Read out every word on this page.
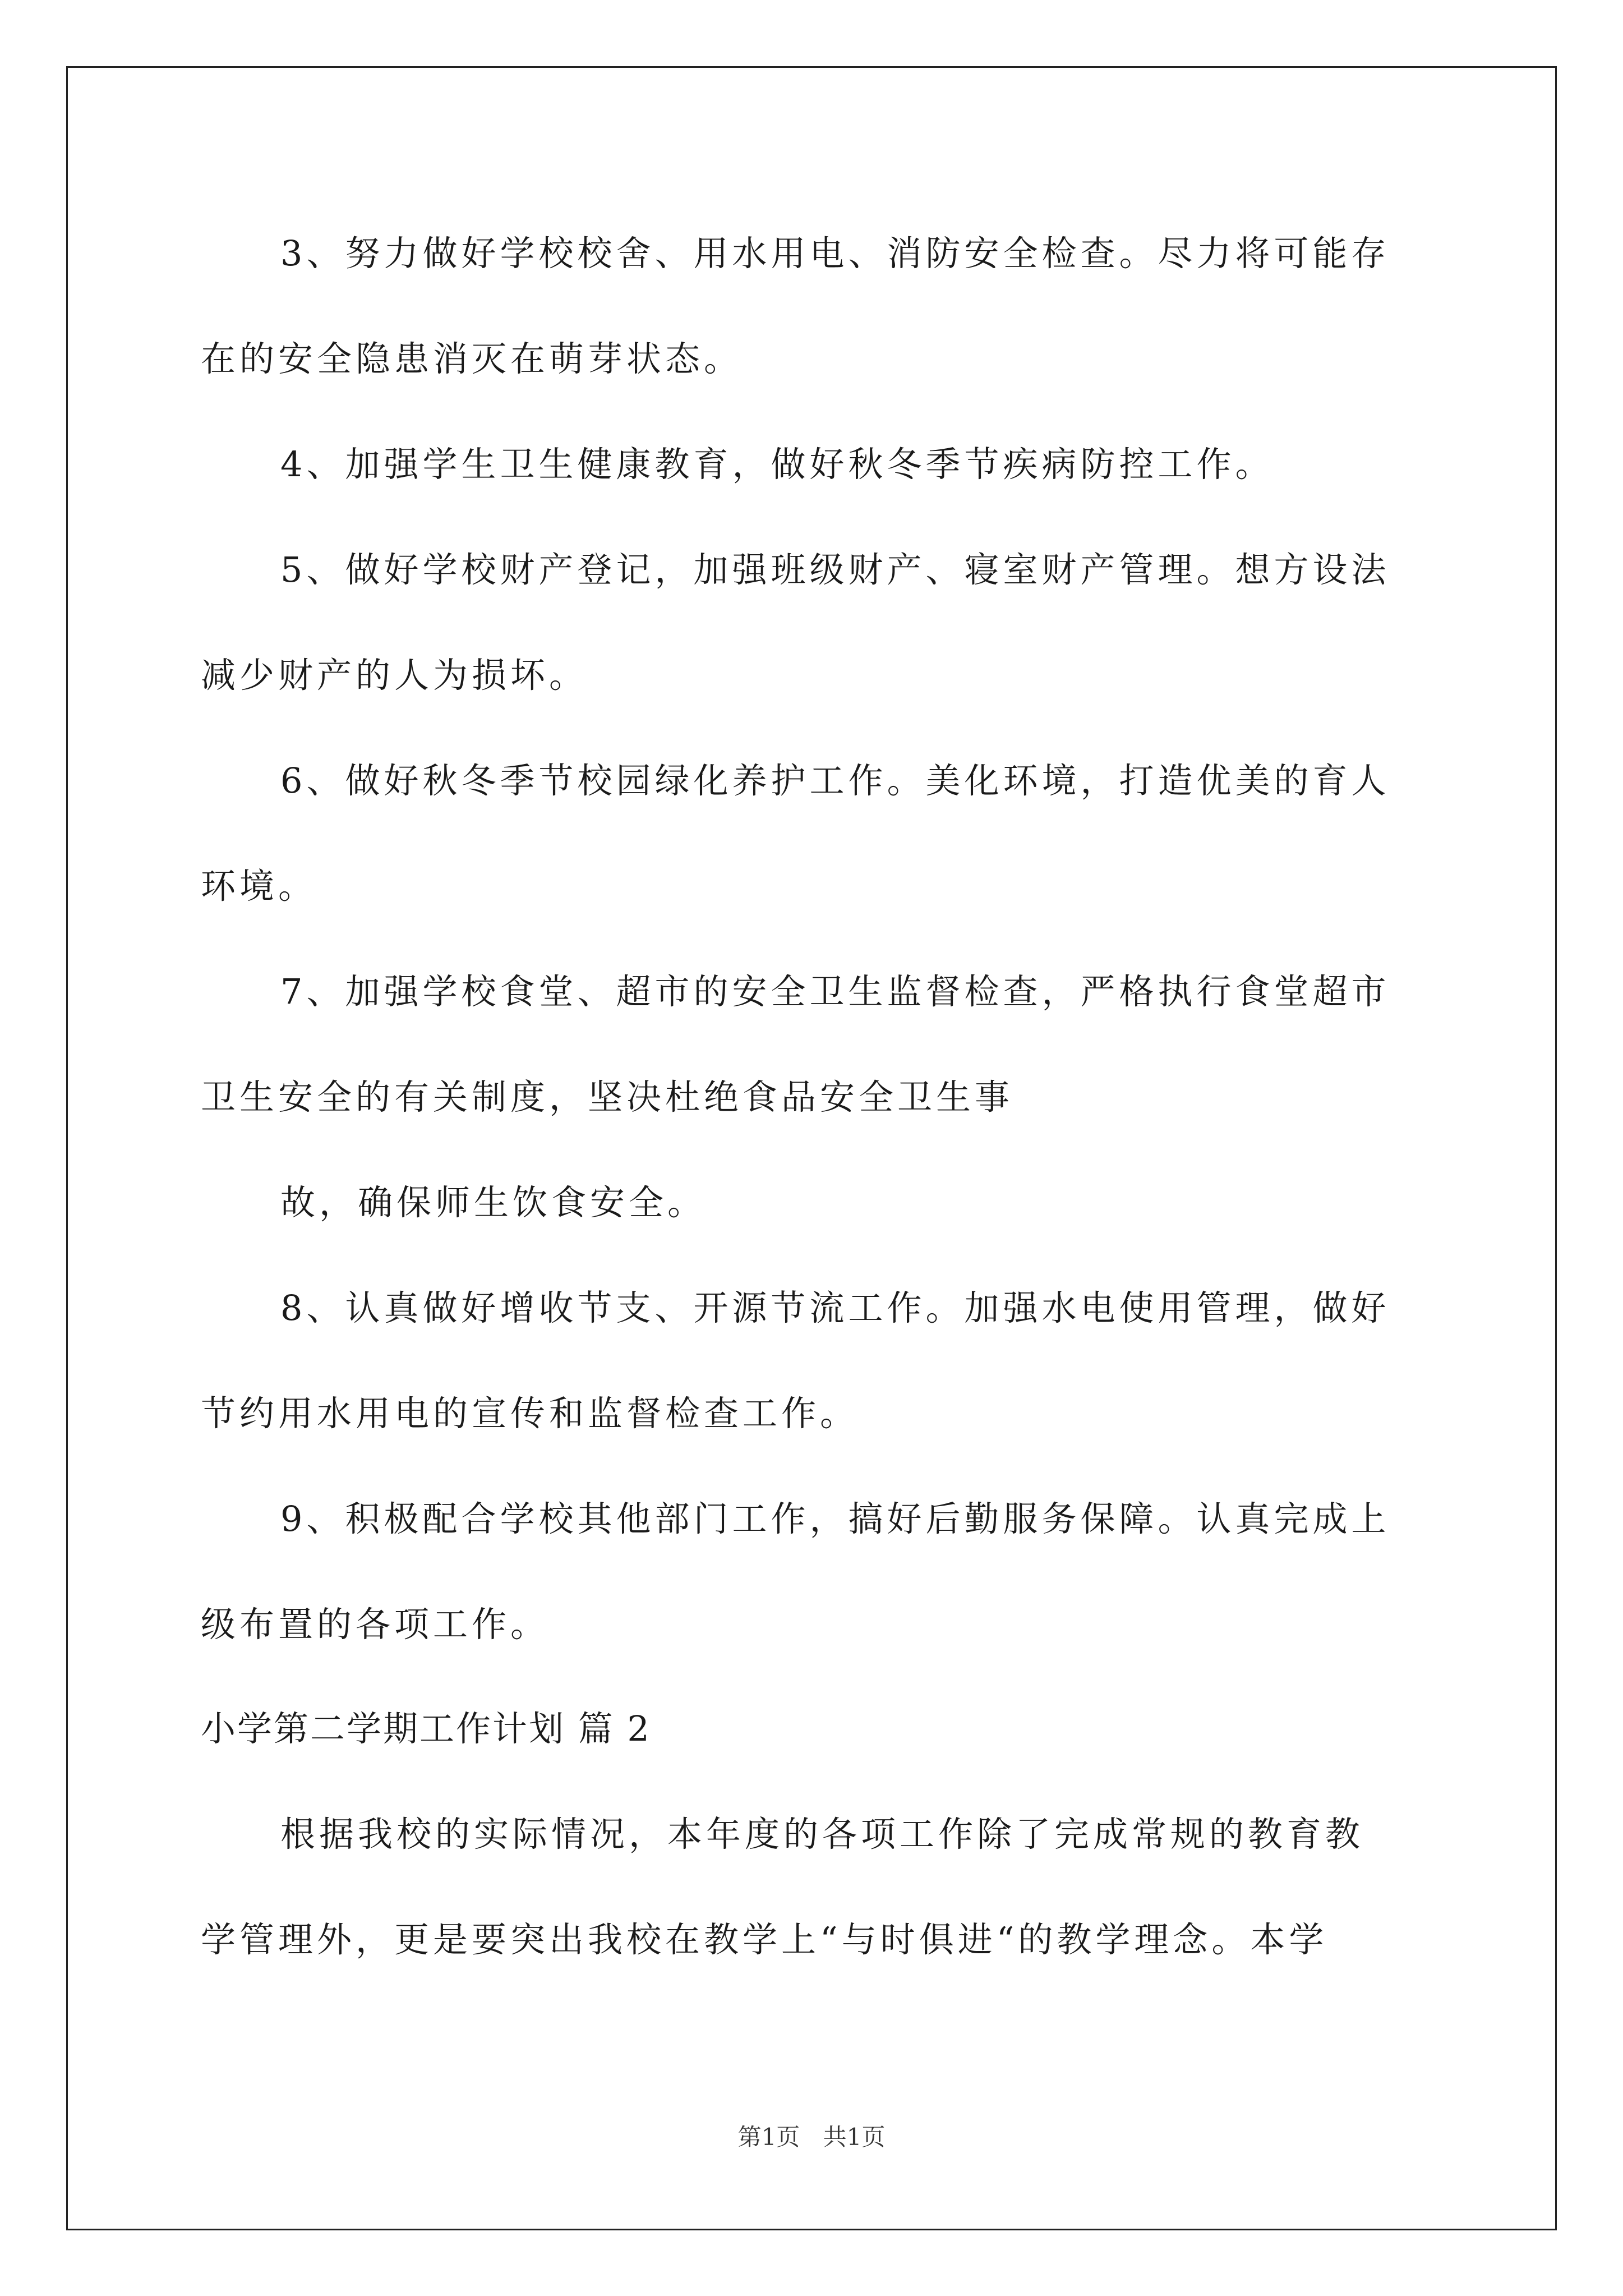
3、努力做好学校校舍、用水用电、消防安全检查。尽力将可能存
在的安全隐患消灭在萌芽状态。
4、加强学生卫生健康教育，做好秋冬季节疾病防控工作。
5、做好学校财产登记，加强班级财产、寝室财产管理。想方设法
减少财产的人为损坏。
6、做好秋冬季节校园绿化养护工作。美化环境，打造优美的育人
环境。
7、加强学校食堂、超市的安全卫生监督检查，严格执行食堂超市
卫生安全的有关制度，坚决杜绝食品安全卫生事
故，确保师生饮食安全。
8、认真做好增收节支、开源节流工作。加强水电使用管理，做好
节约用水用电的宣传和监督检查工作。
9、积极配合学校其他部门工作，搞好后勤服务保障。认真完成上
级布置的各项工作。
小学第二学期工作计划 篇 2
根据我校的实际情况，本年度的各项工作除了完成常规的教育教
学管理外，更是要突出我校在教学上“与时俱进“的教学理念。本学
第1页 共1页
